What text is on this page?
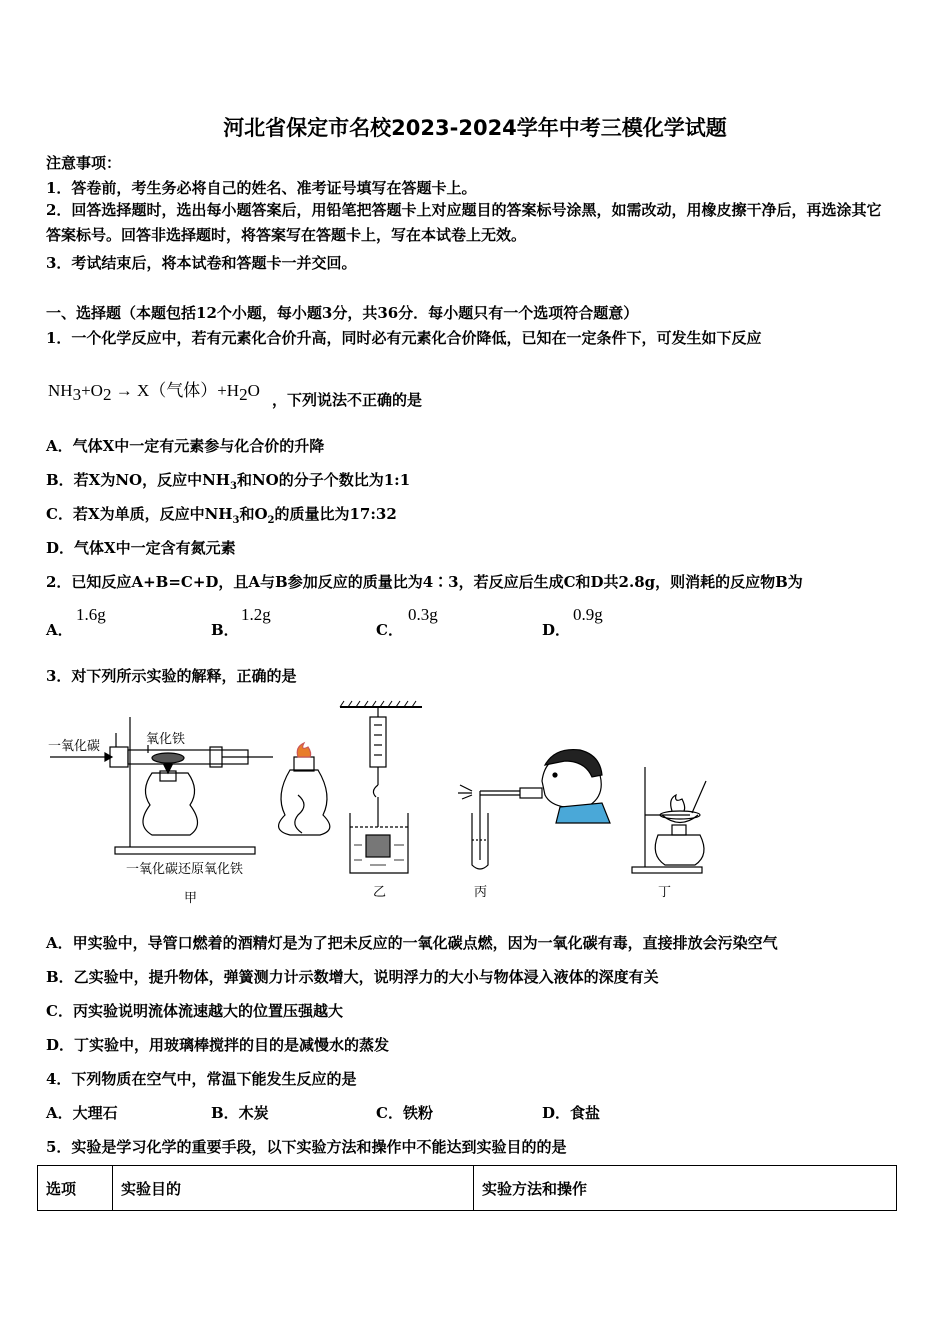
河北省保定市名校2023-2024学年中考三模化学试题
注意事项：
1．答卷前，考生务必将自己的姓名、准考证号填写在答题卡上。
2．回答选择题时，选出每小题答案后，用铅笔把答题卡上对应题目的答案标号涂黑，如需改动，用橡皮擦干净后，再选涂其它答案标号。回答非选择题时，将答案写在答题卡上，写在本试卷上无效。
3．考试结束后，将本试卷和答题卡一并交回。
一、选择题（本题包括12个小题，每小题3分，共36分．每小题只有一个选项符合题意）
1．一个化学反应中，若有元素化合价升高，同时必有元素化合价降低，已知在一定条件下，可发生如下反应
$NH_3+O_2 \to X$（气体）$+H_2O$ ，下列说法不正确的是
A．气体X中一定有元素参与化合价的升降
B．若X为NO，反应中$NH_3$和NO的分子个数比为1:1
C．若X为单质，反应中$NH_3$和$O_2$的质量比为17:32
D．气体X中一定含有氮元素
2．已知反应A+B=C+D，且A与B参加反应的质量比为4∶3，若反应后生成C和D共2.8g，则消耗的反应物B为
A．
1.6g
B．
1.2g
C．
0.3g
D．
0.9g
3．对下列所示实验的解释，正确的是
一氧化碳	氧化铁
一氧化碳还原氧化铁
甲	乙	丙	丁
A．甲实验中，导管口燃着的酒精灯是为了把未反应的一氧化碳点燃，因为一氧化碳有毒，直接排放会污染空气
B．乙实验中，提升物体，弹簧测力计示数增大，说明浮力的大小与物体浸入液体的深度有关
C．丙实验说明流体流速越大的位置压强越大
D．丁实验中，用玻璃棒搅拌的目的是减慢水的蒸发
4．下列物质在空气中，常温下能发生反应的是
A．大理石	B．木炭	C．铁粉	D．食盐
5．实验是学习化学的重要手段，以下实验方法和操作中不能达到实验目的的是
选项	实验目的	实验方法和操作
